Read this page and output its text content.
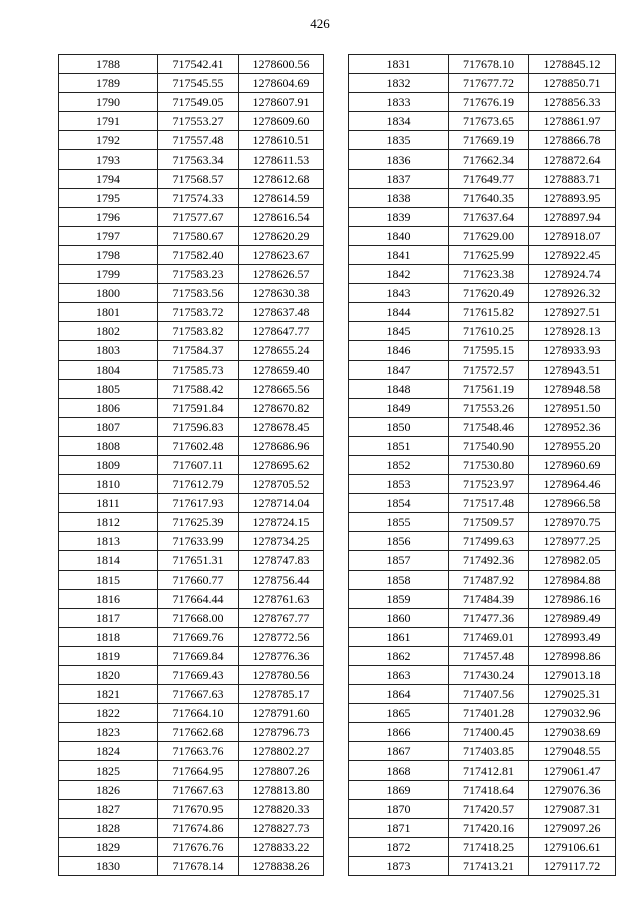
426
1788	717542.41	1278600.56
1789	717545.55	1278604.69
1790	717549.05	1278607.91
1791	717553.27	1278609.60
1792	717557.48	1278610.51
1793	717563.34	1278611.53
1794	717568.57	1278612.68
1795	717574.33	1278614.59
1796	717577.67	1278616.54
1797	717580.67	1278620.29
1798	717582.40	1278623.67
1799	717583.23	1278626.57
1800	717583.56	1278630.38
1801	717583.72	1278637.48
1802	717583.82	1278647.77
1803	717584.37	1278655.24
1804	717585.73	1278659.40
1805	717588.42	1278665.56
1806	717591.84	1278670.82
1807	717596.83	1278678.45
1808	717602.48	1278686.96
1809	717607.11	1278695.62
1810	717612.79	1278705.52
1811	717617.93	1278714.04
1812	717625.39	1278724.15
1813	717633.99	1278734.25
1814	717651.31	1278747.83
1815	717660.77	1278756.44
1816	717664.44	1278761.63
1817	717668.00	1278767.77
1818	717669.76	1278772.56
1819	717669.84	1278776.36
1820	717669.43	1278780.56
1821	717667.63	1278785.17
1822	717664.10	1278791.60
1823	717662.68	1278796.73
1824	717663.76	1278802.27
1825	717664.95	1278807.26
1826	717667.63	1278813.80
1827	717670.95	1278820.33
1828	717674.86	1278827.73
1829	717676.76	1278833.22
1830	717678.14	1278838.26
1831	717678.10	1278845.12
1832	717677.72	1278850.71
1833	717676.19	1278856.33
1834	717673.65	1278861.97
1835	717669.19	1278866.78
1836	717662.34	1278872.64
1837	717649.77	1278883.71
1838	717640.35	1278893.95
1839	717637.64	1278897.94
1840	717629.00	1278918.07
1841	717625.99	1278922.45
1842	717623.38	1278924.74
1843	717620.49	1278926.32
1844	717615.82	1278927.51
1845	717610.25	1278928.13
1846	717595.15	1278933.93
1847	717572.57	1278943.51
1848	717561.19	1278948.58
1849	717553.26	1278951.50
1850	717548.46	1278952.36
1851	717540.90	1278955.20
1852	717530.80	1278960.69
1853	717523.97	1278964.46
1854	717517.48	1278966.58
1855	717509.57	1278970.75
1856	717499.63	1278977.25
1857	717492.36	1278982.05
1858	717487.92	1278984.88
1859	717484.39	1278986.16
1860	717477.36	1278989.49
1861	717469.01	1278993.49
1862	717457.48	1278998.86
1863	717430.24	1279013.18
1864	717407.56	1279025.31
1865	717401.28	1279032.96
1866	717400.45	1279038.69
1867	717403.85	1279048.55
1868	717412.81	1279061.47
1869	717418.64	1279076.36
1870	717420.57	1279087.31
1871	717420.16	1279097.26
1872	717418.25	1279106.61
1873	717413.21	1279117.72
